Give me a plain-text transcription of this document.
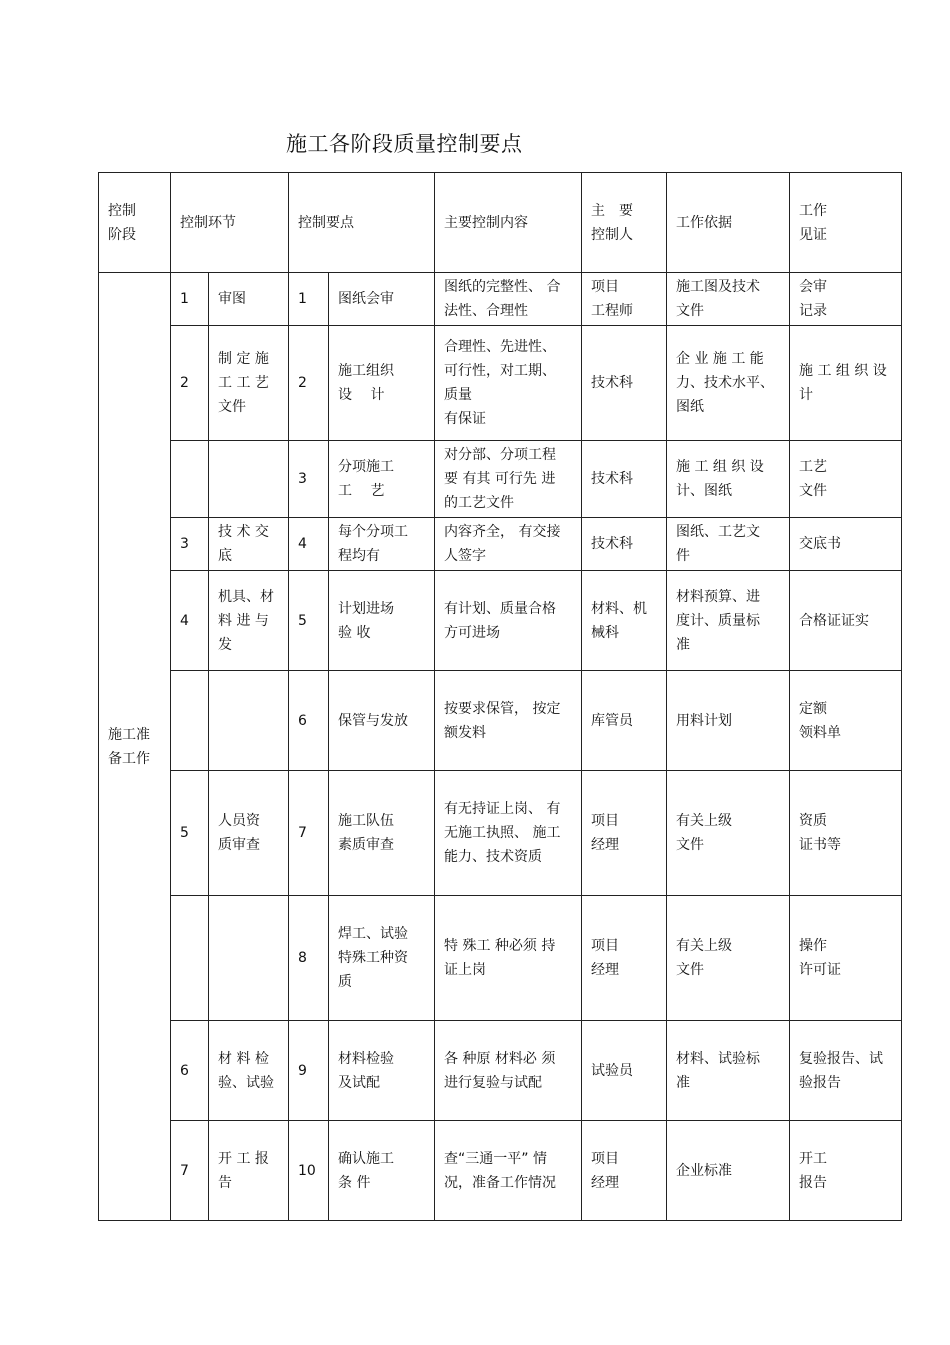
施工各阶段质量控制要点
控制
阶段	控制环节		控制要点		主要控制内容	主　要
控制人	工作依据	工作
见证
施工准
备工作	1	审图	1	图纸会审	图纸的完整性、 合
法性、合理性	项目
工程师	施工图及技术
文件	会审
记录
	2	制 定 施
工 工 艺
文件	2	施工组织
设　 计	合理性、先进性、
可行性，对工期、
质量
有保证	技术科	企 业 施 工 能
力、技术水平、
图纸	施 工 组 织 设
计
			3	分项施工
工　 艺	对分部、分项工程
要 有其 可行先 进
的工艺文件	技术科	施 工 组 织 设
计、图纸	工艺
文件
	3	技 术 交
底	4	每个分项工
程均有	内容齐全， 有交接
人签字	技术科	图纸、工艺文
件	交底书
	4	机具、材
料 进 与
发	5	计划进场
验 收	有计划、质量合格
方可进场	材料、机
械科	材料预算、进
度计、质量标
准	合格证证实
			6	保管与发放	按要求保管， 按定
额发料	库管员	用料计划	定额
领料单
	5	人员资
质审查	7	施工队伍
素质审查	有无持证上岗、 有
无施工执照、 施工
能力、技术资质	项目
经理	有关上级
文件	资质
证书等
			8	焊工、试验
特殊工种资
质	特 殊工 种必须 持
证上岗	项目
经理	有关上级
文件	操作
许可证
	6	材 料 检
验、试验	9	材料检验
及试配	各 种原 材料必 须
进行复验与试配	试验员	材料、试验标
准	复验报告、试
验报告
	7	开 工 报
告	10	确认施工
条 件	查“三通一平” 情
况，准备工作情况	项目
经理	企业标准	开工
报告
